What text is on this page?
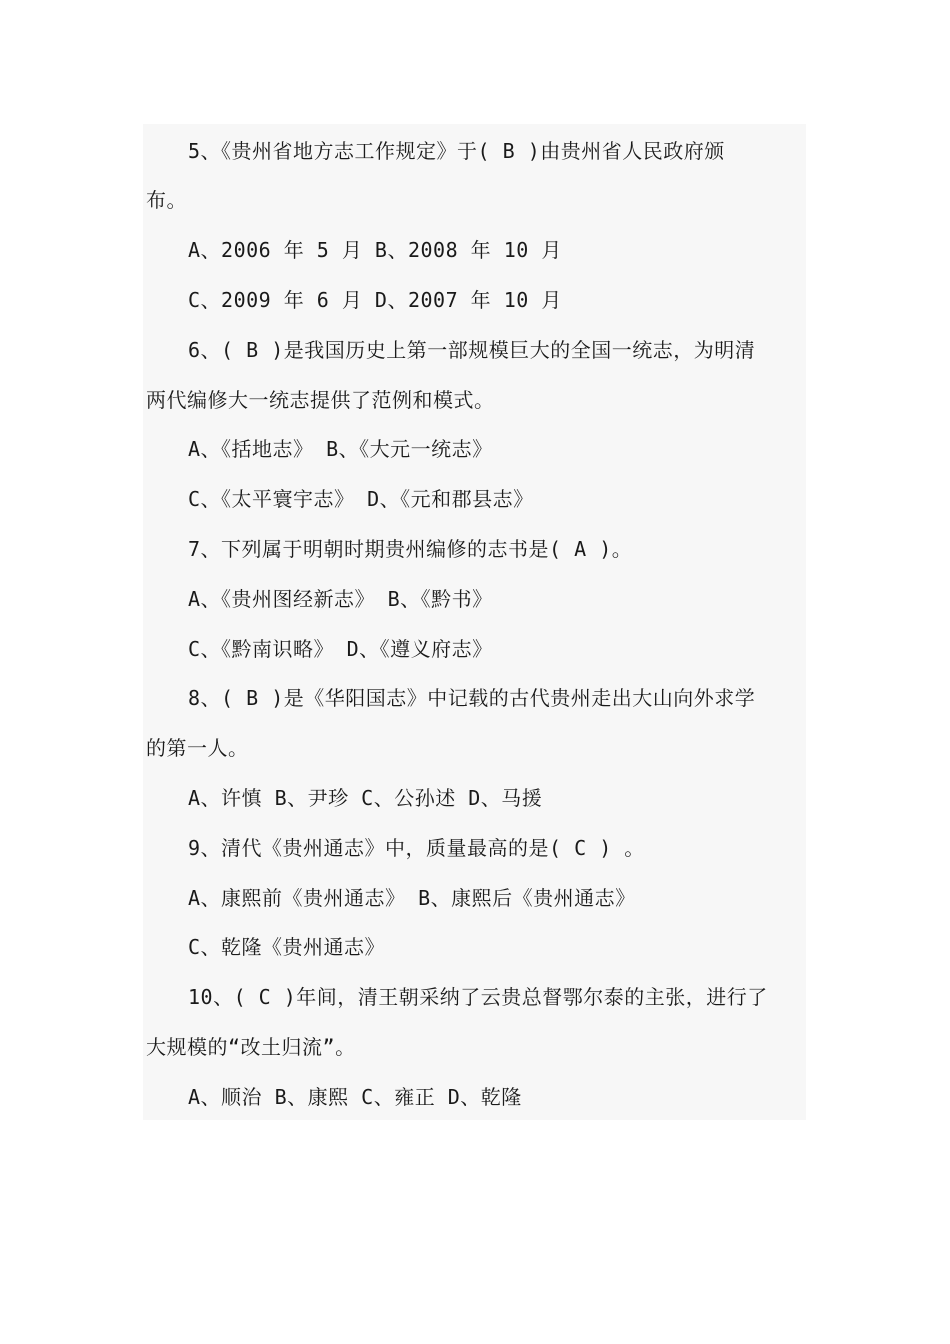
5、《贵州省地方志工作规定》于( B )由贵州省人民政府颁
布。
A、2006 年 5 月 B、2008 年 10 月
C、2009 年 6 月 D、2007 年 10 月
6、( B )是我国历史上第一部规模巨大的全国一统志，为明清
两代编修大一统志提供了范例和模式。
A、《括地志》 B、《大元一统志》
C、《太平寰宇志》 D、《元和郡县志》
7、下列属于明朝时期贵州编修的志书是( A )。
A、《贵州图经新志》 B、《黔书》
C、《黔南识略》 D、《遵义府志》
8、( B )是《华阳国志》中记载的古代贵州走出大山向外求学
的第一人。
A、许慎 B、尹珍 C、公孙述 D、马援
9、清代《贵州通志》中，质量最高的是( C ) 。
A、康熙前《贵州通志》 B、康熙后《贵州通志》
C、乾隆《贵州通志》
10、( C )年间，清王朝采纳了云贵总督鄂尔泰的主张，进行了
大规模的“改土归流”。
A、顺治 B、康熙 C、雍正 D、乾隆
